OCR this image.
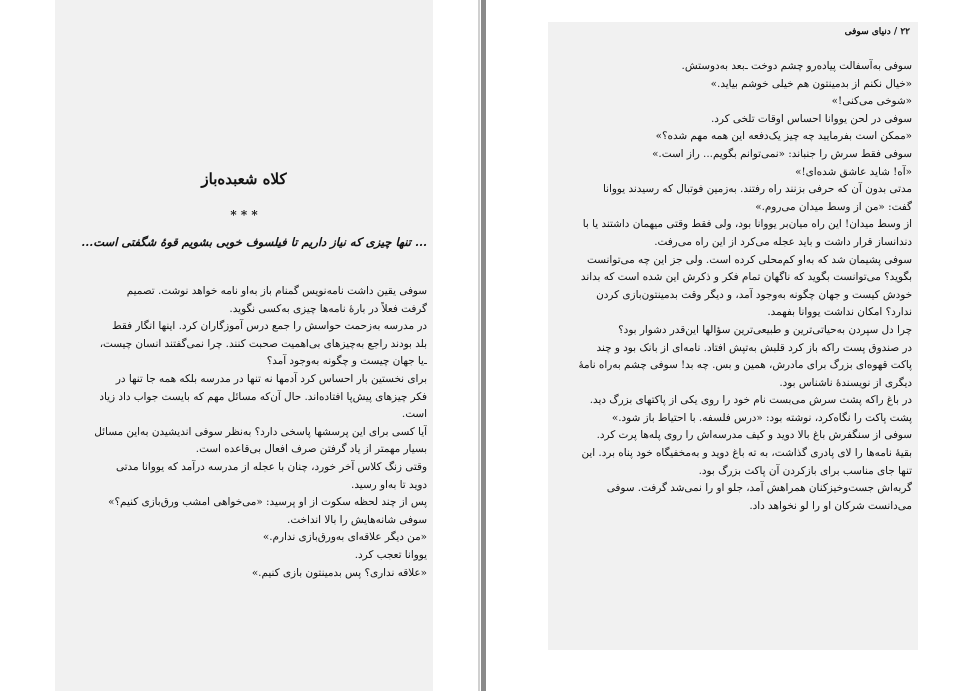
کلاه شعبده‌باز
* * *
... تنها چیزی که نیاز داریم تا فیلسوف خوبی بشویم قوهٔ شگفتی است...
سوفی یقین داشت نامه‌نویس گمنام باز به‌او نامه خواهد نوشت. تصمیم
گرفت فعلاً در بارهٔ نامه‌ها چیزی به‌کسی نگوید.
در مدرسه به‌زحمت حواسش را جمع درس آموزگاران کرد. اینها انگار فقط
بلد بودند راجع به‌چیزهای بی‌اهمیت صحبت کنند. چرا نمی‌گفتند انسان چیست،
ـ‌یا جهان چیست و چگونه به‌وجود آمد؟
برای نخستین بار احساس کرد آدمها نه تنها در مدرسه بلکه همه جا تنها در
فکر چیزهای پیش‌پا افتاده‌اند. حال آن‌که مسائل مهم که بایست جواب داد زیاد
است.
آیا کسی برای این پرسشها پاسخی دارد؟ به‌نظر سوفی اندیشیدن به‌این مسائل
بسیار مهمتر از یاد گرفتن صرف افعال بی‌قاعده است.
وقتی زنگ کلاس آخر خورد، چنان با عجله از مدرسه درآمد که یووانا مدتی
دوید تا به‌او رسید.
پس از چند لحظه سکوت از او پرسید: «می‌خواهی امشب ورق‌بازی کنیم؟»
سوفی شانه‌هایش را بالا انداخت.
«من دیگر علاقه‌ای به‌ورق‌بازی ندارم.»
یووانا تعجب کرد.
«علاقه نداری؟ پس بدمینتون بازی کنیم.»
۲۲ / دنیای سوفی
سوفی به‌آسفالت پیاده‌رو چشم دوخت ـ‌بعد به‌دوستش.
«خیال نکنم از بدمینتون هم خیلی خوشم بیاید.»
«شوخی می‌کنی!»
سوفی در لحن یووانا احساس اوقات تلخی کرد.
«ممکن است بفرمایید چه چیز یک‌دفعه این همه مهم شده؟»
سوفی فقط سرش را جنباند: «نمی‌توانم بگویم... راز است.»
«آه! شاید عاشق شده‌ای!»
مدتی بدون آن که حرفی بزنند راه رفتند. به‌زمین فوتبال که رسیدند یووانا
گفت: «من از وسط میدان می‌روم.»
از وسط میدان! این راه میان‌بر یووانا بود، ولی فقط وقتی میهمان داشتند یا با
دندانساز قرار داشت و باید عجله می‌کرد از این راه می‌رفت.
سوفی پشیمان شد که به‌او کم‌محلی کرده است. ولی جز این چه می‌توانست
بگوید؟ می‌توانست بگوید که ناگهان تمام فکر و ذکرش این شده است که بداند
خودش کیست و جهان چگونه به‌وجود آمد، و دیگر وقت بدمینتون‌بازی کردن
ندارد؟ امکان نداشت یووانا بفهمد.
چرا دل سپردن به‌حیاتی‌ترین و طبیعی‌ترین سؤالها این‌قدر دشوار بود؟
در صندوق پست راکه باز کرد قلبش به‌تپش افتاد. نامه‌ای از بانک بود و چند
پاکت قهوه‌ای بزرگ برای مادرش، همین و بس. چه بد! سوفی چشم به‌راه نامهٔ
دیگری از نویسندهٔ ناشناس بود.
در باغ راکه پشت سرش می‌بست نام خود را روی یکی از پاکتهای بزرگ دید.
پشت پاکت را نگاه‌کرد، نوشته بود: «درس فلسفه. با احتیاط باز شود.»
سوفی از سنگفرش باغ بالا دوید و کیف مدرسه‌اش را روی پله‌ها پرت کرد.
بقیهٔ نامه‌ها را لای پادری گذاشت، به ته باغ دوید و به‌مخفیگاه خود پناه برد. این
تنها جای مناسب برای بازکردن آن پاکت بزرگ بود.
گربه‌اش جست‌وخیزکنان همراهش آمد، جلو او را نمی‌شد گرفت. سوفی
می‌دانست شرکان او را لو نخواهد داد.
